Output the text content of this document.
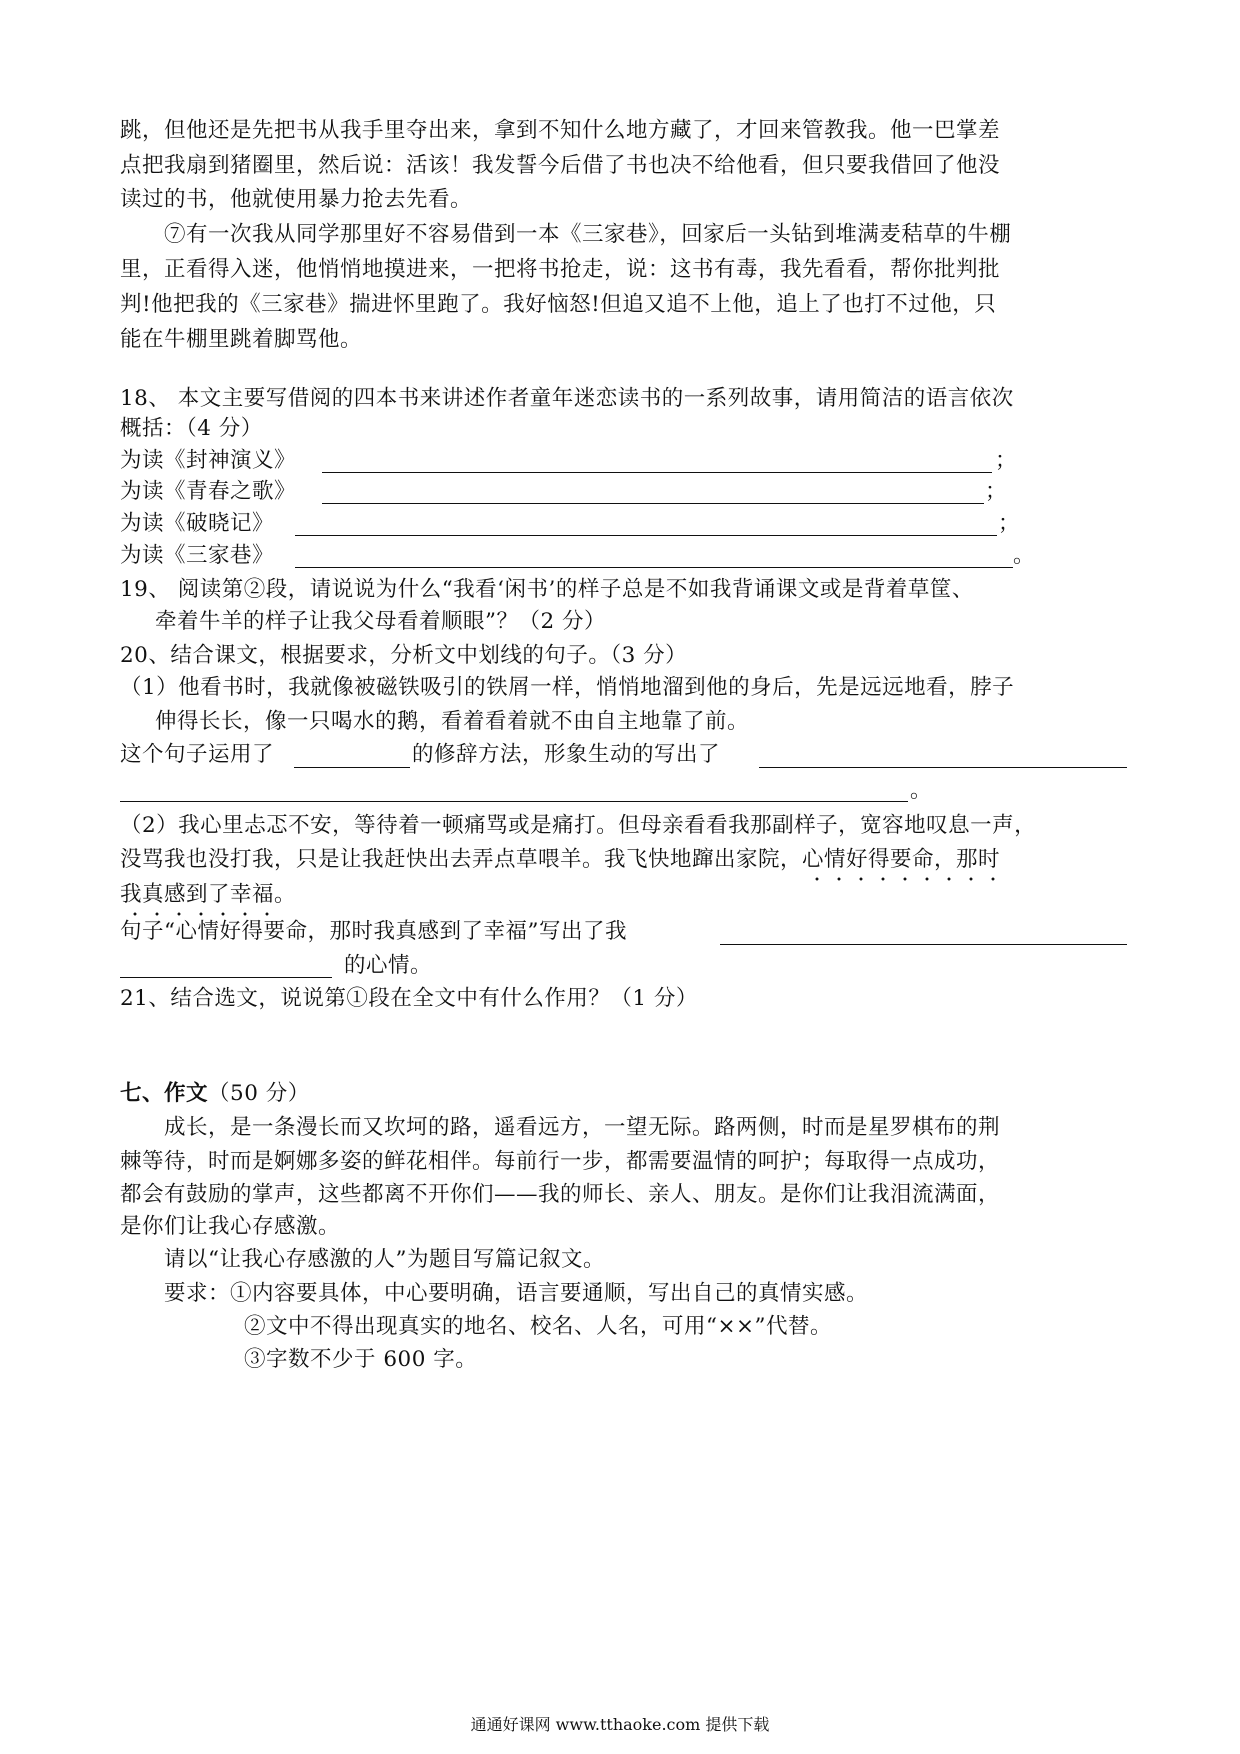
跳，但他还是先把书从我手里夺出来，拿到不知什么地方藏了，才回来管教我。他一巴掌差
点把我扇到猪圈里，然后说：活该！我发誓今后借了书也决不给他看，但只要我借回了他没
读过的书，他就使用暴力抢去先看。
⑦有一次我从同学那里好不容易借到一本《三家巷》，回家后一头钻到堆满麦秸草的牛棚
里，正看得入迷，他悄悄地摸进来，一把将书抢走，说：这书有毒，我先看看，帮你批判批
判!他把我的《三家巷》揣进怀里跑了。我好恼怒!但追又追不上他，追上了也打不过他，只
能在牛棚里跳着脚骂他。
18、 本文主要写借阅的四本书来讲述作者童年迷恋读书的一系列故事，请用简洁的语言依次
概括：（4 分）
为读《封神演义》	；
为读《青春之歌》	；
为读《破晓记》	；
为读《三家巷》	。
19、 阅读第②段，请说说为什么“我看‘闲书’的样子总是不如我背诵课文或是背着草筐、
牵着牛羊的样子让我父母看着顺眼”？（2 分）
20、结合课文，根据要求，分析文中划线的句子。（3 分）
（1）他看书时，我就像被磁铁吸引的铁屑一样，悄悄地溜到他的身后，先是远远地看，脖子
伸得长长，像一只喝水的鹅，看着看着就不由自主地靠了前。
这个句子运用了	的修辞方法，形象生动的写出了
。
（2）我心里忐忑不安，等待着一顿痛骂或是痛打。但母亲看看我那副样子，宽容地叹息一声，
没骂我也没打我，只是让我赶快出去弄点草喂羊。我飞快地蹿出家院，心情好得要命，那时
我真感到了幸福
。
句子“心情好得要命，那时我真感到了幸福”写出了我
的心情。
21、结合选文，说说第①段在全文中有什么作用？（1 分）
七、作文（50 分）
成长，是一条漫长而又坎坷的路，遥看远方，一望无际。路两侧，时而是星罗棋布的荆
棘等待，时而是婀娜多姿的鲜花相伴。每前行一步，都需要温情的呵护；每取得一点成功，
都会有鼓励的掌声，这些都离不开你们——我的师长、亲人、朋友。是你们让我泪流满面，
是你们让我心存感激。
请以“让我心存感激的人”为题目写篇记叙文。
要求：①内容要具体，中心要明确，语言要通顺，写出自己的真情实感。
②文中不得出现真实的地名、校名、人名，可用“××”代替。
③字数不少于 600 字。
通通好课网 www.tthaoke.com 提供下载
